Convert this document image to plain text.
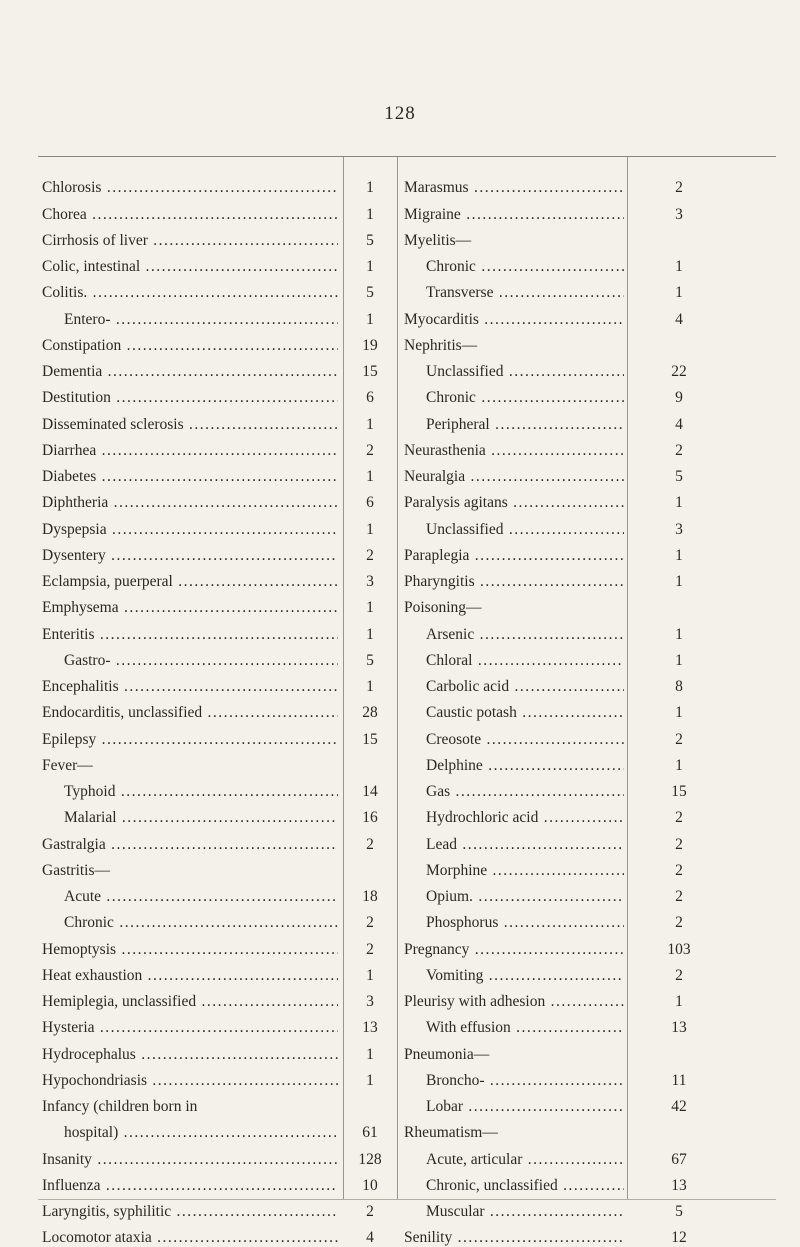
128
Chlorosis .....
Chorea .....
Cirrhosis of liver .....
Colic, intestinal .....
Colitis. .....
Entero- .....
Constipation .....
Dementia .....
Destitution .....
Disseminated sclerosis .....
Diarrhea .....
Diabetes .....
Diphtheria .....
Dyspepsia .....
Dysentery .....
Eclampsia, puerperal .....
Emphysema .....
Enteritis .....
Gastro- .....
Encephalitis .....
Endocarditis, unclassified .....
Epilepsy .....
Fever—
Typhoid .....
Malarial .....
Gastralgia .....
Gastritis—
Acute .....
Chronic .....
Hemoptysis .....
Heat exhaustion .....
Hemiplegia, unclassified .....
Hysteria .....
Hydrocephalus .....
Hypochondriasis .....
Infancy (children born in
hospital) .....
Insanity .....
Influenza .....
Laryngitis, syphilitic .....
Locomotor ataxia .....
1
1
5
1
5
1
19
15
6
1
2
1
6
1
2
3
1
1
5
1
28
15
14
16
2
18
2
2
1
3
13
1
1
61
128
10
2
4
Marasmus .....
Migraine .....
Myelitis—
Chronic .....
Transverse .....
Myocarditis .....
Nephritis—
Unclassified .....
Chronic .....
Peripheral .....
Neurasthenia .....
Neuralgia .....
Paralysis agitans .....
Unclassified .....
Paraplegia .....
Pharyngitis .....
Poisoning—
Arsenic .....
Chloral .....
Carbolic acid .....
Caustic potash .....
Creosote .....
Delphine .....
Gas .....
Hydrochloric acid .....
Lead .....
Morphine .....
Opium. .....
Phosphorus .....
Pregnancy .....
Vomiting .....
Pleurisy with adhesion .....
With effusion .....
Pneumonia—
Broncho- .....
Lobar .....
Rheumatism—
Acute, articular .....
Chronic, unclassified .....
Muscular .....
Senility .....
2
3
1
1
4
22
9
4
2
5
1
3
1
1
1
1
8
1
2
1
15
2
2
2
2
2
103
2
1
13
11
42
67
13
5
12
